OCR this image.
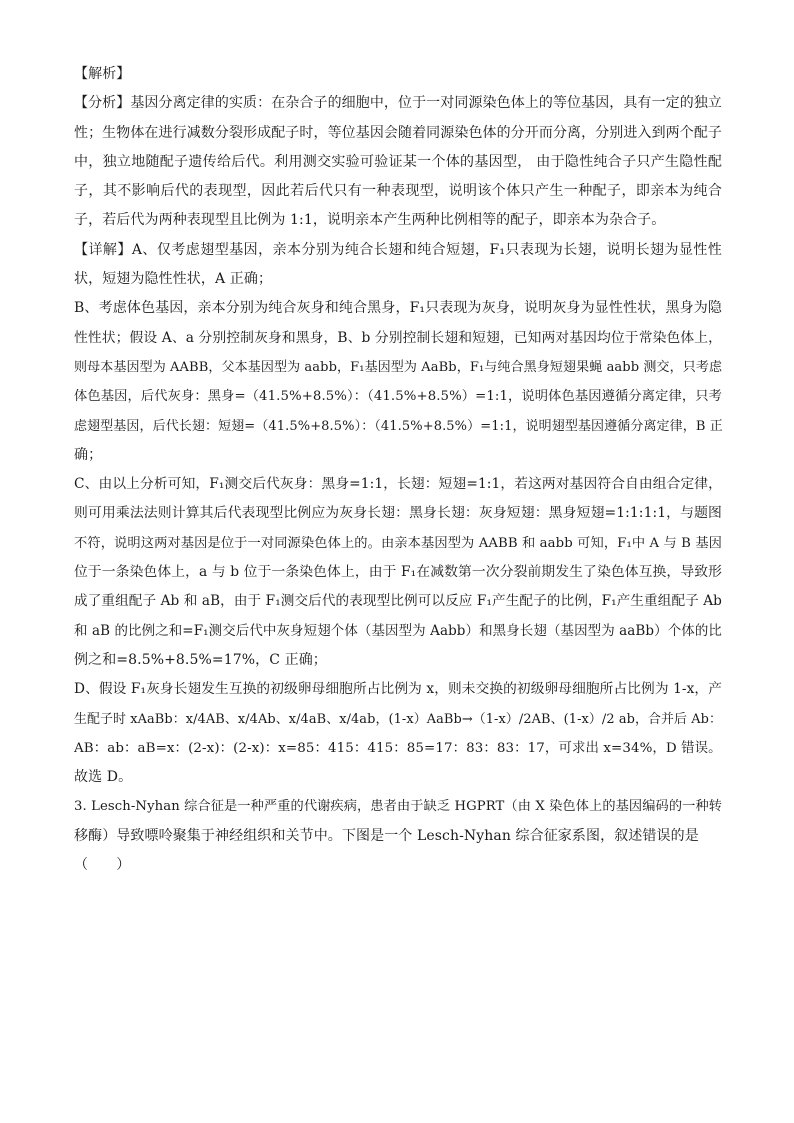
【解析】
【分析】基因分离定律的实质：在杂合子的细胞中，位于一对同源染色体上的等位基因，具有一定的独立
性；生物体在进行减数分裂形成配子时，等位基因会随着同源染色体的分开而分离，分别进入到两个配子
中，独立地随配子遗传给后代。利用测交实验可验证某一个体的基因型， 由于隐性纯合子只产生隐性配
子，其不影响后代的表现型，因此若后代只有一种表现型，说明该个体只产生一种配子，即亲本为纯合
子，若后代为两种表现型且比例为 1:1，说明亲本产生两种比例相等的配子，即亲本为杂合子。
【详解】A、仅考虑翅型基因，亲本分别为纯合长翅和纯合短翅，F₁只表现为长翅，说明长翅为显性性
状，短翅为隐性性状，A 正确；
B、考虑体色基因，亲本分别为纯合灰身和纯合黑身，F₁只表现为灰身，说明灰身为显性性状，黑身为隐
性性状；假设 A、a 分别控制灰身和黑身，B、b 分别控制长翅和短翅，已知两对基因均位于常染色体上，
则母本基因型为 AABB，父本基因型为 aabb，F₁基因型为 AaBb，F₁与纯合黑身短翅果蝇 aabb 测交，只考虑
体色基因，后代灰身：黑身=（41.5%+8.5%）：（41.5%+8.5%）=1:1，说明体色基因遵循分离定律，只考
虑翅型基因，后代长翅：短翅=（41.5%+8.5%）：（41.5%+8.5%）=1:1，说明翅型基因遵循分离定律，B 正
确；
C、由以上分析可知，F₁测交后代灰身：黑身=1:1，长翅：短翅=1:1，若这两对基因符合自由组合定律，
则可用乘法法则计算其后代表现型比例应为灰身长翅：黑身长翅：灰身短翅：黑身短翅=1:1:1:1，与题图
不符，说明这两对基因是位于一对同源染色体上的。由亲本基因型为 AABB 和 aabb 可知，F₁中 A 与 B 基因
位于一条染色体上，a 与 b 位于一条染色体上，由于 F₁在减数第一次分裂前期发生了染色体互换，导致形
成了重组配子 Ab 和 aB，由于 F₁测交后代的表现型比例可以反应 F₁产生配子的比例，F₁产生重组配子 Ab
和 aB 的比例之和=F₁测交后代中灰身短翅个体（基因型为 Aabb）和黑身长翅（基因型为 aaBb）个体的比
例之和=8.5%+8.5%=17%，C 正确；
D、假设 F₁灰身长翅发生互换的初级卵母细胞所占比例为 x，则未交换的初级卵母细胞所占比例为 1-x，产
生配子时 xAaBb：x/4AB、x/4Ab、x/4aB、x/4ab，(1-x）AaBb→（1-x）/2AB、(1-x）/2 ab，合并后 Ab：
AB：ab：aB=x：(2-x)：(2-x)：x=85：415：415：85=17：83：83：17，可求出 x=34%，D 错误。
故选 D。
3. Lesch-Nyhan 综合征是一种严重的代谢疾病，患者由于缺乏 HGPRT（由 X 染色体上的基因编码的一种转
移酶）导致嘌呤聚集于神经组织和关节中。下图是一个 Lesch-Nyhan 综合征家系图，叙述错误的是
（　　）
